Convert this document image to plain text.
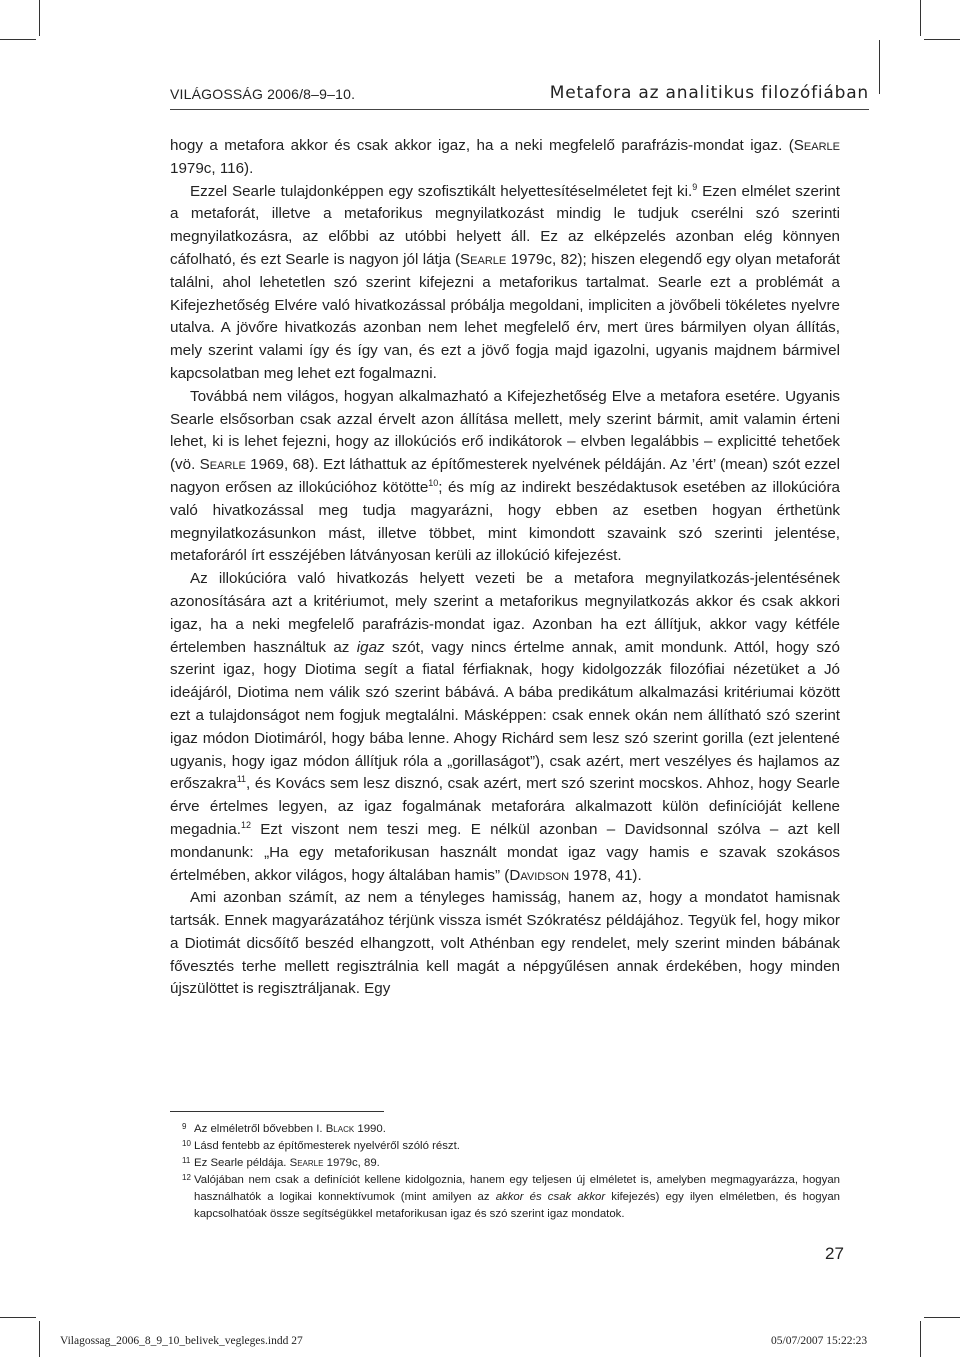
VILÁGOSSÁG 2006/8–9–10.	Metafora az analitikus filozófiában

hogy a metafora akkor és csak akkor igaz, ha a neki megfelelő parafrázis-mondat igaz. (Searle 1979c, 116).

Ezzel Searle tulajdonképpen egy szofisztikált helyettesítéselméletet fejt ki.$^9$ Ezen elmélet szerint a metaforát, illetve a metaforikus megnyilatkozást mindig le tudjuk cserélni szó szerinti megnyilatkozásra, az előbbi az utóbbi helyett áll. Ez az elképzelés azonban elég könnyen cáfolható, és ezt Searle is nagyon jól látja (Searle 1979c, 82); hiszen elegendő egy olyan metaforát találni, ahol lehetetlen szó szerint kifejezni a metaforikus tartalmat. Searle ezt a problémát a Kifejezhetőség Elvére való hivatkozással próbálja megoldani, impliciten a jövőbeli tökéletes nyelvre utalva. A jövőre hivatkozás azonban nem lehet megfelelő érv, mert üres bármilyen olyan állítás, mely szerint valami így és így van, és ezt a jövő fogja majd igazolni, ugyanis majdnem bármivel kapcsolatban meg lehet ezt fogalmazni.

Továbbá nem világos, hogyan alkalmazható a Kifejezhetőség Elve a metafora esetére. Ugyanis Searle elsősorban csak azzal érvelt azon állítása mellett, mely szerint bármit, amit valamin érteni lehet, ki is lehet fejezni, hogy az illokúciós erő indikátorok – elvben legalábbis – explicitté tehetőek (vö. Searle 1969, 68). Ezt láthattuk az építőmesterek nyelvének példáján. Az ’ért’ (mean) szót ezzel nagyon erősen az illokúcióhoz kötötte$^{10}$; és míg az indirekt beszédaktusok esetében az illokúcióra való hivatkozással meg tudja magyarázni, hogy ebben az esetben hogyan érthetünk megnyilatkozásunkon mást, illetve többet, mint kimondott szavaink szó szerinti jelentése, metaforáról írt esszéjében látványosan kerüli az illokúció kifejezést.

Az illokúcióra való hivatkozás helyett vezeti be a metafora megnyilatkozás-jelentésének azonosítására azt a kritériumot, mely szerint a metaforikus megnyilatkozás akkor és csak akkori igaz, ha a neki megfelelő parafrázis-mondat igaz. Azonban ha ezt állítjuk, akkor vagy kétféle értelemben használtuk az igaz szót, vagy nincs értelme annak, amit mondunk. Attól, hogy szó szerint igaz, hogy Diotima segít a fiatal férfiaknak, hogy kidolgozzák filozófiai nézetüket a Jó ideájáról, Diotima nem válik szó szerint bábává. A bába predikátum alkalmazási kritériumai között ezt a tulajdonságot nem fogjuk megtalálni. Másképpen: csak ennek okán nem állítható szó szerint igaz módon Diotimáról, hogy bába lenne. Ahogy Richárd sem lesz szó szerint gorilla (ezt jelentené ugyanis, hogy igaz módon állítjuk róla a „gorillaságot”), csak azért, mert veszélyes és hajlamos az erőszakra$^{11}$, és Kovács sem lesz disznó, csak azért, mert szó szerint mocskos. Ahhoz, hogy Searle érve értelmes legyen, az igaz fogalmának metaforára alkalmazott külön definícióját kellene megadnia.$^{12}$ Ezt viszont nem teszi meg. E nélkül azonban – Davidsonnal szólva – azt kell mondanunk: „Ha egy metaforikusan használt mondat igaz vagy hamis e szavak szokásos értelmében, akkor világos, hogy általában hamis” (Davidson 1978, 41).

Ami azonban számít, az nem a tényleges hamisság, hanem az, hogy a mondatot hamisnak tartsák. Ennek magyarázatához térjünk vissza ismét Szókratész példájához. Tegyük fel, hogy mikor a Diotimát dicsőítő beszéd elhangzott, volt Athénban egy rendelet, mely szerint minden bábának fővesztés terhe mellett regisztrálnia kell magát a népgyűlésen annak érdekében, hogy minden újszülöttet is regisztráljanak. Egy

9 Az elméletről bővebben I. Black 1990.
10 Lásd fentebb az építőmesterek nyelvéről szóló részt.
11 Ez Searle példája. Searle 1979c, 89.
12 Valójában nem csak a definíciót kellene kidolgoznia, hanem egy teljesen új elméletet is, amelyben megmagyarázza, hogyan használhatók a logikai konnektívumok (mint amilyen az akkor és csak akkor kifejezés) egy ilyen elméletben, és hogyan kapcsolhatóak össze segítségükkel metaforikusan igaz és szó szerint igaz mondatok.
27
Vilagossag_2006_8_9_10_belivek_vegleges.indd 27	05/07/2007 15:22:23
